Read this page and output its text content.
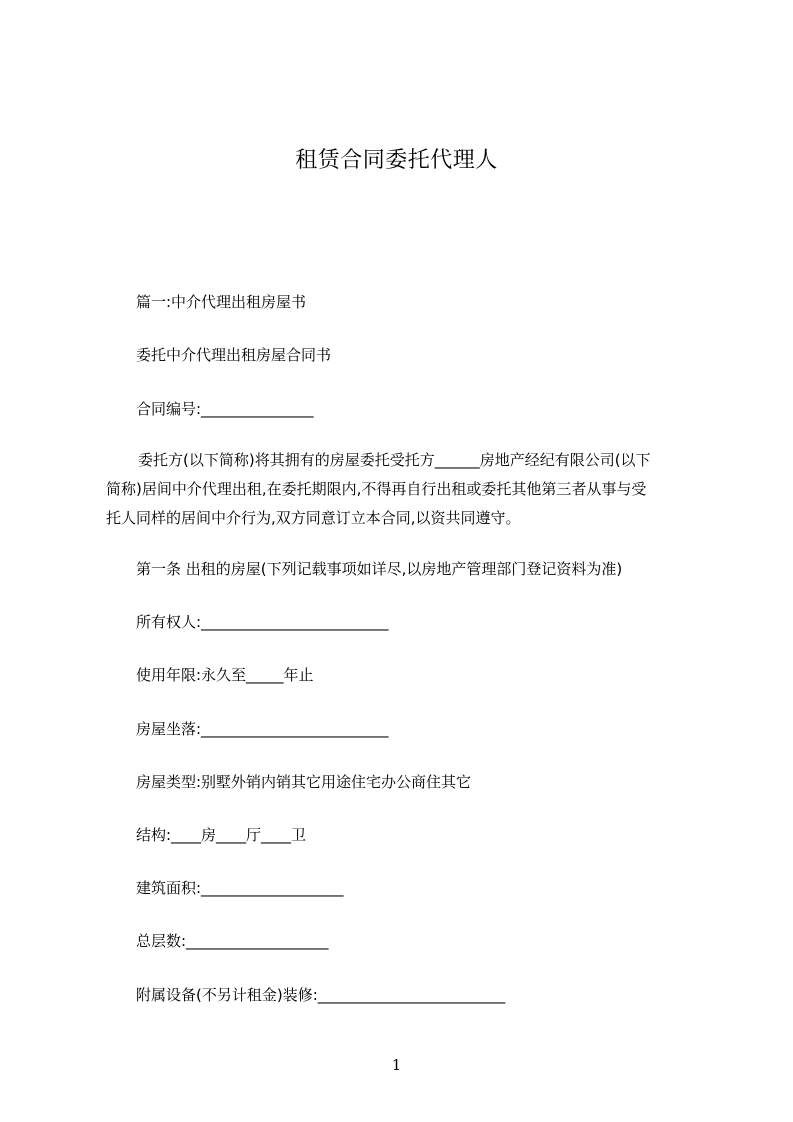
租赁合同委托代理人
篇一:中介代理出租房屋书
委托中介代理出租房屋合同书
合同编号:_______________
委托方(以下简称)将其拥有的房屋委托受托方______房地产经纪有限公司(以下
简称)居间中介代理出租,在委托期限内,不得再自行出租或委托其他第三者从事与受
托人同样的居间中介行为,双方同意订立本合同,以资共同遵守。
第一条 出租的房屋(下列记载事项如详尽,以房地产管理部门登记资料为准)
所有权人:_________________________
使用年限:永久至_____年止
房屋坐落:_________________________
房屋类型:别墅外销内销其它用途住宅办公商住其它
结构:____房____厅____卫
建筑面积:___________________
总层数:___________________
附属设备(不另计租金)装修:_________________________
1
